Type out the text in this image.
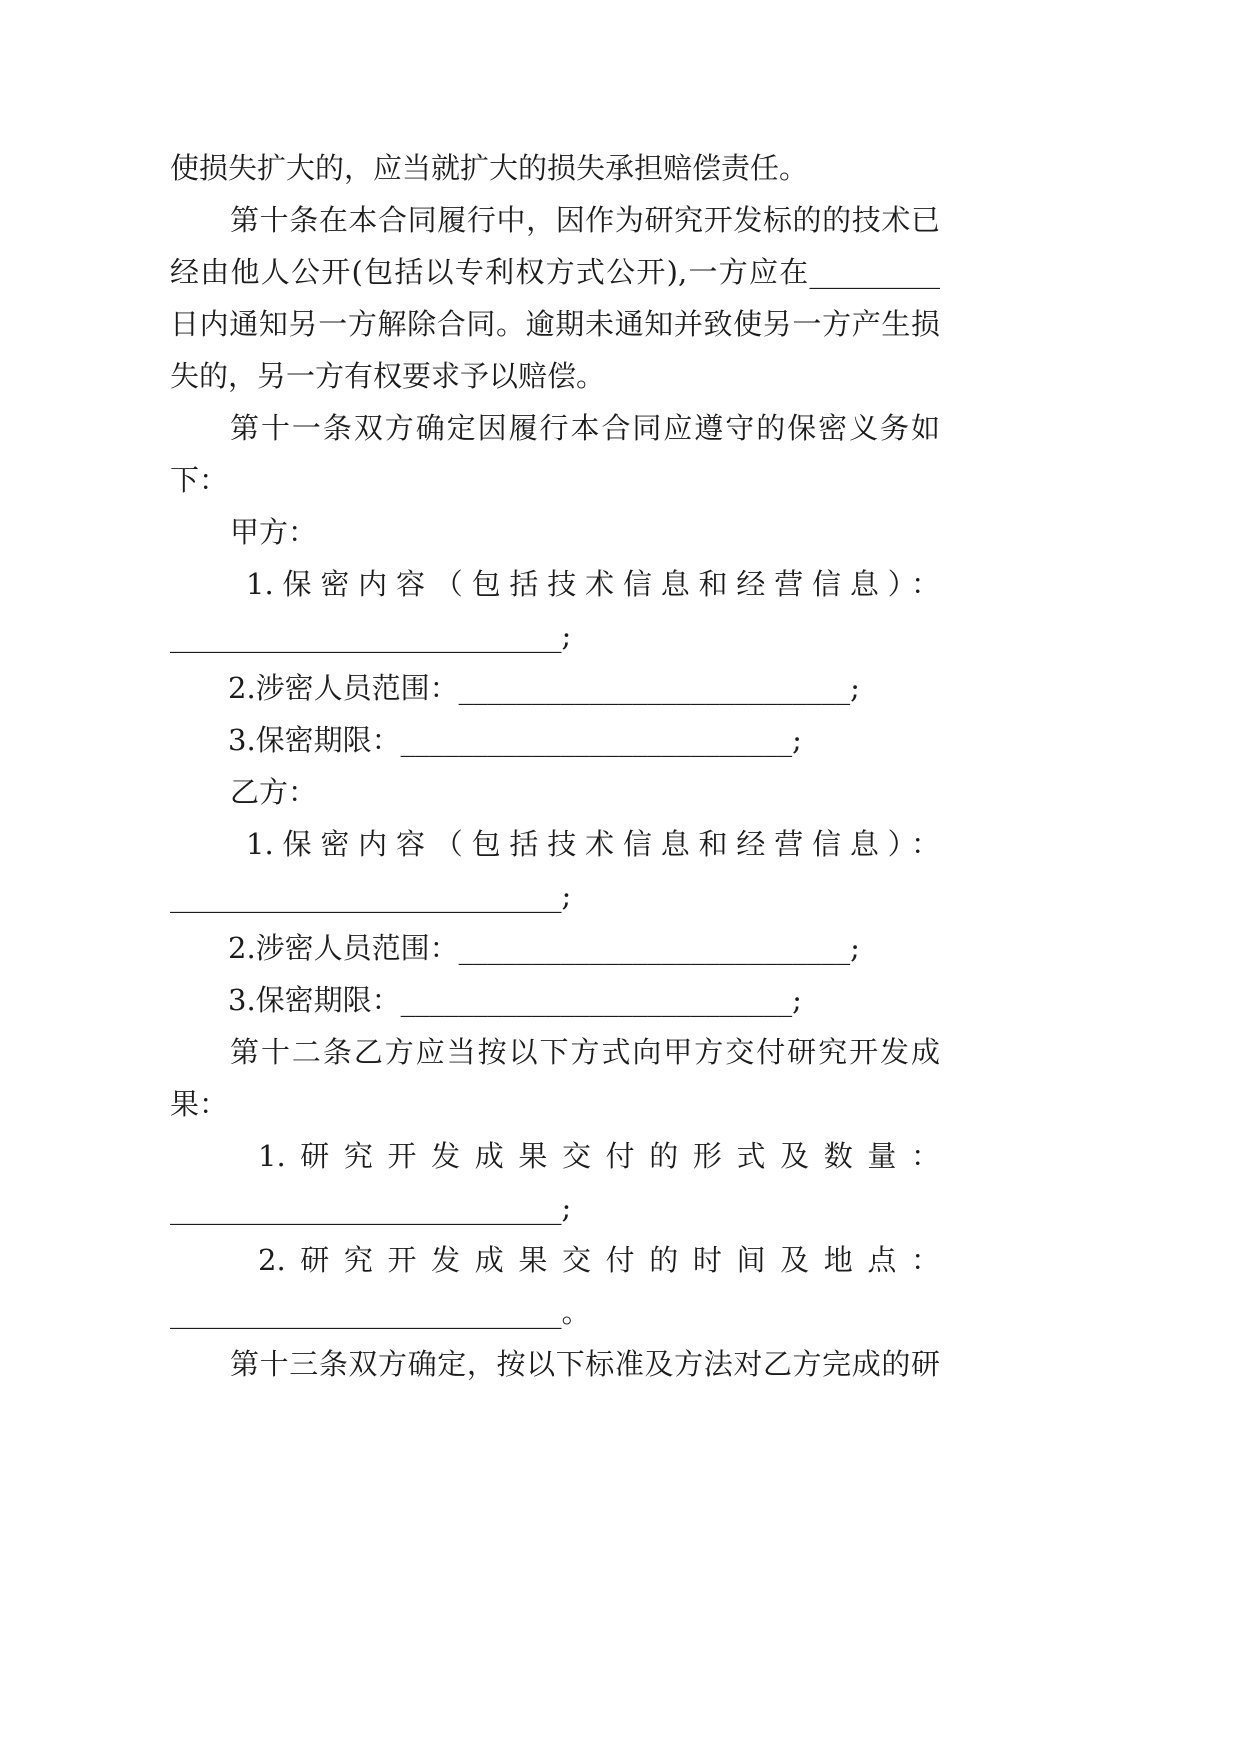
使损失扩大的，应当就扩大的损失承担赔偿责任。
第十条在本合同履行中，因作为研究开发标的的技术已
经由他人公开(包括以专利权方式公开),一方应在_________
日内通知另一方解除合同。逾期未通知并致使另一方产生损
失的，另一方有权要求予以赔偿。
第十一条双方确定因履行本合同应遵守的保密义务如
下：
甲方：
1.保密内容（包括技术信息和经营信息）：
___________________________;
2.涉密人员范围：___________________________;
3.保密期限：___________________________;
乙方：
1.保密内容（包括技术信息和经营信息）：
___________________________;
2.涉密人员范围：___________________________;
3.保密期限：___________________________;
第十二条乙方应当按以下方式向甲方交付研究开发成
果：
1.研究开发成果交付的形式及数量：
___________________________;
2.研究开发成果交付的时间及地点：
___________________________。
第十三条双方确定，按以下标准及方法对乙方完成的研
